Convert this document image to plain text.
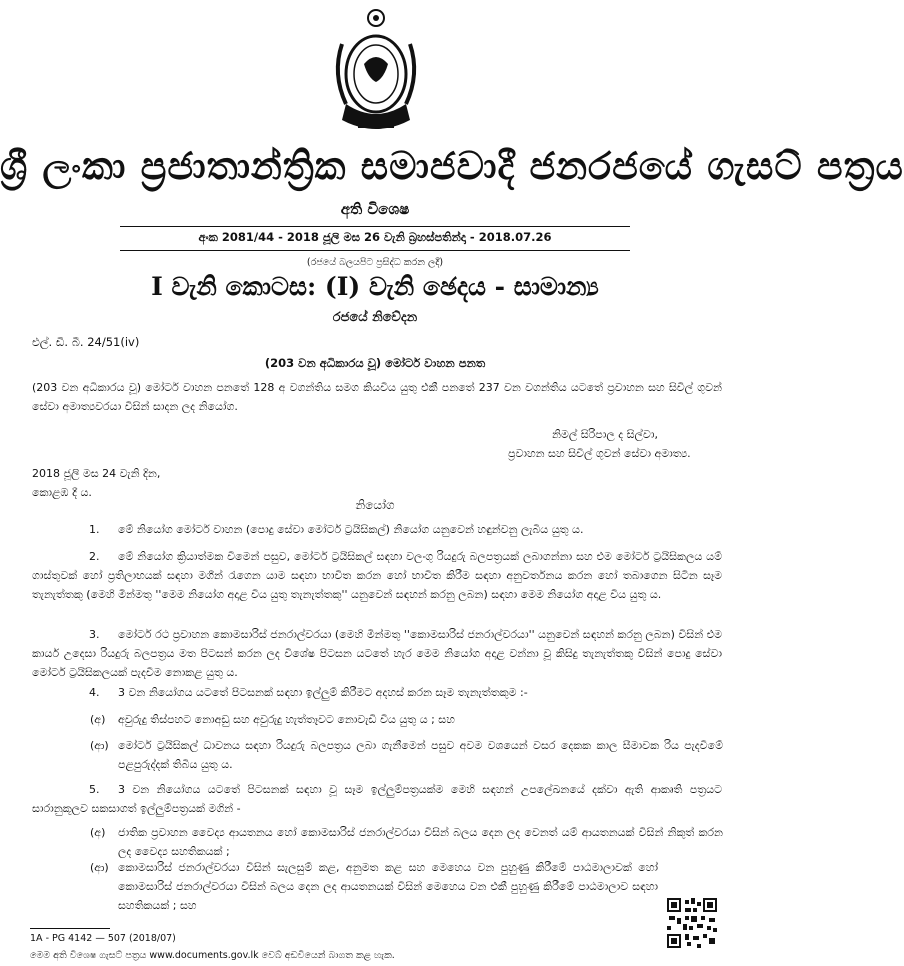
ශ්‍රී ලංකා ප්‍රජාතාන්ත්‍රික සමාජවාදී ජනරජයේ ගැසට් පත්‍රය
අති විශෙෂ
අංක 2081/44 - 2018 ජූලි මස 26 වැනි බ්‍රහස්පතින්දා - 2018.07.26
(රජයේ බලයපිට ප්‍රසිද්ධ කරන ලදී)
I වැනි කොටස: (I) වැනි ඡෙදය - සාමාන්‍ය
රජයේ නිවේදන
එල්. ඩී. බී. 24/51(iv)
(203 වන අධිකාරය වූ) මෝටර් වාහන පනත
(203 වන අධිකාරය වූ) මෝටර් වාහන පනතේ 128 අ වගන්තිය සමග කියවිය යුතු එකී පනතේ 237 වන වගන්තිය යටතේ ප්‍රවාහන සහ සිවිල් ගුවන් සේවා අමාත්‍යවරයා විසින් සාදන ලද නියෝග.
නිමල් සිරිපාල ද සිල්වා,
ප්‍රවාහන සහ සිවිල් ගුවන් සේවා අමාත්‍ය.
2018 ජූලි මස 24 වැනි දින,
කොළඹ දී ය.
නියෝග
1. මේ නියෝග මෝටර් වාහන (පොදු සේවා මෝටර් ට්‍රයිසිකල්) නියෝග යනුවෙන් හඳුන්වනු ලැබිය යුතු ය.
2.	මේ නියෝග ක්‍රියාත්මක වීමෙන් පසුව, මෝටර් ට්‍රයිසිකල් සඳහා වලංගු රියදුරු බලපත්‍රයක් ලබාගන්නා සහ එම මෝටර් ට්‍රයිසිකලය යම් ගාස්තුවක් හෝ ප්‍රතිලාභයක් සඳහා මගීන් රැගෙන යාම සඳහා භාවිත කරන හෝ භාවිත කිරීම සඳහා අනුවර්තනය කරන හෝ තබාගෙන සිටින සෑම තැනැත්තකු (මෙහි මින්මතු ''මෙම නියෝග අදාළ විය යුතු තැනැත්තකු'' යනුවෙන් සඳහන් කරනු ලබන) සඳහා මෙම නියෝග අදාළ විය යුතු ය.
3.	මෝටර් රථ ප්‍රවාහන කොමසාරිස් ජනරාල්වරයා (මෙහි මින්මතු ''කොමසාරිස් ජනරාල්වරයා'' යනුවෙන් සඳහන් කරනු ලබන) විසින් එම කාර්ය උදෙසා රියදුරු බලපත්‍රය මත පිටසන් කරන ලද විශේෂ පිටසන යටතේ හැර මෙම නියෝග අදාළ වන්නා වූ කිසිදු තැනැත්තකු විසින් පොදු සේවා මෝටර් ට්‍රයිසිකලයක් පැදවීම නොකළ යුතු ය.
4. 3 වන නියෝගය යටතේ පිටසනක් සඳහා ඉල්ලුම් කිරීමට අදහස් කරන සෑම තැනැත්තකුම :-
(අ) අවුරුදු තිස්පහට නොඅඩු සහ අවුරුදු හැත්තෑවට නොවැඩි විය යුතු ය ; සහ
(ආ) මෝටර් ට්‍රයිසිකල් ධාවනය සඳහා රියදුරු බලපත්‍රය ලබා ගැනීමෙන් පසුව අවම වශයෙන් වසර දෙකක කාල සීමාවක රිය පැදවීමේ පළපුරුද්දක් තිබිය යුතු ය.
5.	3 වන නියෝගය යටතේ පිටසනක් සඳහා වූ සෑම ඉල්ලුම්පත්‍රයක්ම මෙහි සඳහන් උපලේඛනයේ දක්වා ඇති ආකෘති පත්‍රයට සාරානුකූලව සකසාගත් ඉල්ලුම්පත්‍රයක් මගින් -
(අ) ජාතික ප්‍රවාහන වෛද්‍ය ආයතනය හෝ කොමසාරිස් ජනරාල්වරයා විසින් බලය දෙන ලද වෙනත් යම් ආයතනයක් විසින් නිකුත් කරන ලද වෛද්‍ය සහතිකයක් ;
(ආ) කොමසාරිස් ජනරාල්වරයා විසින් සැලසුම් කළ, අනුමත කළ සහ මෙහෙය වන පුහුණු කිරීමේ පාඨමාලාවක් හෝ කොමසාරිස් ජනරාල්වරයා විසින් බලය දෙන ලද ආයතනයක් විසින් මෙහෙය වන එකී පුහුණු කිරීමේ පාඨමාලාව සඳහා සහතිකයක් ; සහ
1A - PG 4142 — 507 (2018/07)
මෙම අති විශෙෂ ගැසට් පත්‍රය www.documents.gov.lk වෙබ් අඩවියෙන් බාගත කළ හැක.
